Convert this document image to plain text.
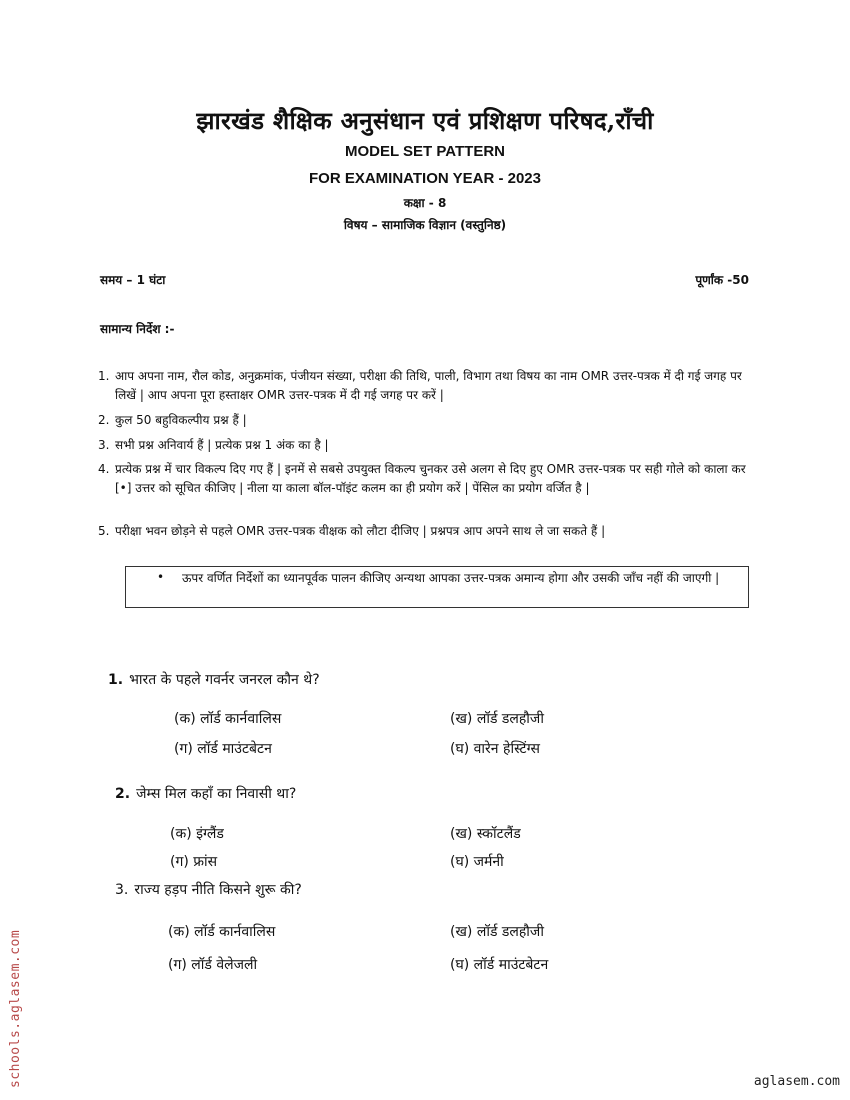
झारखंड शैक्षिक अनुसंधान एवं प्रशिक्षण परिषद,राँची
MODEL SET PATTERN
FOR EXAMINATION YEAR - 2023
कक्षा - 8
विषय – सामाजिक विज्ञान (वस्तुनिष्ठ)
समय – 1 घंटा	पूर्णांक -50
सामान्य निर्देश :-
1. आप अपना नाम, रौल कोड, अनुक्रमांक, पंजीयन संख्या, परीक्षा की तिथि, पाली, विभाग तथा विषय का नाम OMR उत्तर-पत्रक में दी गई जगह पर लिखें | आप अपना पूरा हस्ताक्षर OMR उत्तर-पत्रक में दी गई जगह पर करें |
2. कुल 50 बहुविकल्पीय प्रश्न हैं |
3. सभी प्रश्न अनिवार्य हैं | प्रत्येक प्रश्न 1 अंक का है |
4. प्रत्येक प्रश्न में चार विकल्प दिए गए हैं | इनमें से सबसे उपयुक्त विकल्प चुनकर उसे अलग से दिए हुए OMR उत्तर-पत्रक पर सही गोले को काला कर [•] उत्तर को सूचित कीजिए | नीला या काला बॉल-पॉइंट कलम का ही प्रयोग करें | पेंसिल का प्रयोग वर्जित है |
5. परीक्षा भवन छोड़ने से पहले OMR उत्तर-पत्रक वीक्षक को लौटा दीजिए | प्रश्नपत्र आप अपने साथ ले जा सकते हैं |
• ऊपर वर्णित निर्देशों का ध्यानपूर्वक पालन कीजिए अन्यथा आपका उत्तर-पत्रक अमान्य होगा और उसकी जाँच नहीं की जाएगी |
1. भारत के पहले गवर्नर जनरल कौन थे?
(क) लॉर्ड कार्नवालिस	(ख) लॉर्ड डलहौजी
(ग) लॉर्ड माउंटबेटन	(घ) वारेन हेस्टिंग्स
2. जेम्स मिल कहाँ का निवासी था?
(क) इंग्लैंड	(ख) स्कॉटलैंड
(ग) फ्रांस	(घ) जर्मनी
3. राज्य हड़प नीति किसने शुरू की?
(क) लॉर्ड कार्नवालिस	(ख) लॉर्ड डलहौजी
(ग) लॉर्ड वेलेजली	(घ) लॉर्ड माउंटबेटन
schools.aglasem.com	aglasem.com
